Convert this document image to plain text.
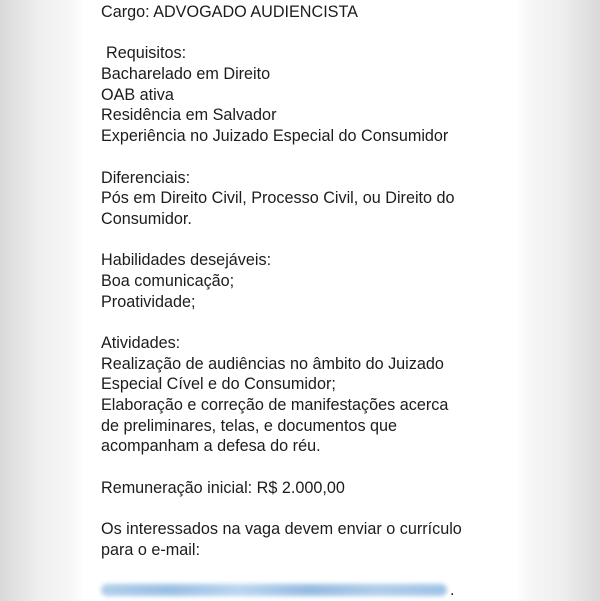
Cargo: ADVOGADO AUDIENCISTA
Requisitos:
Bacharelado em Direito
OAB ativa
Residência em Salvador
Experiência no Juizado Especial do Consumidor
Diferenciais:
Pós em Direito Civil, Processo Civil, ou Direito do
Consumidor.
Habilidades desejáveis:
Boa comunicação;
Proatividade;
Atividades:
Realização de audiências no âmbito do Juizado
Especial Cível e do Consumidor;
Elaboração e correção de manifestações acerca
de preliminares, telas, e documentos que
acompanham a defesa do réu.
Remuneração inicial: R$ 2.000,00
Os interessados na vaga devem enviar o currículo
para o e-mail:
.
